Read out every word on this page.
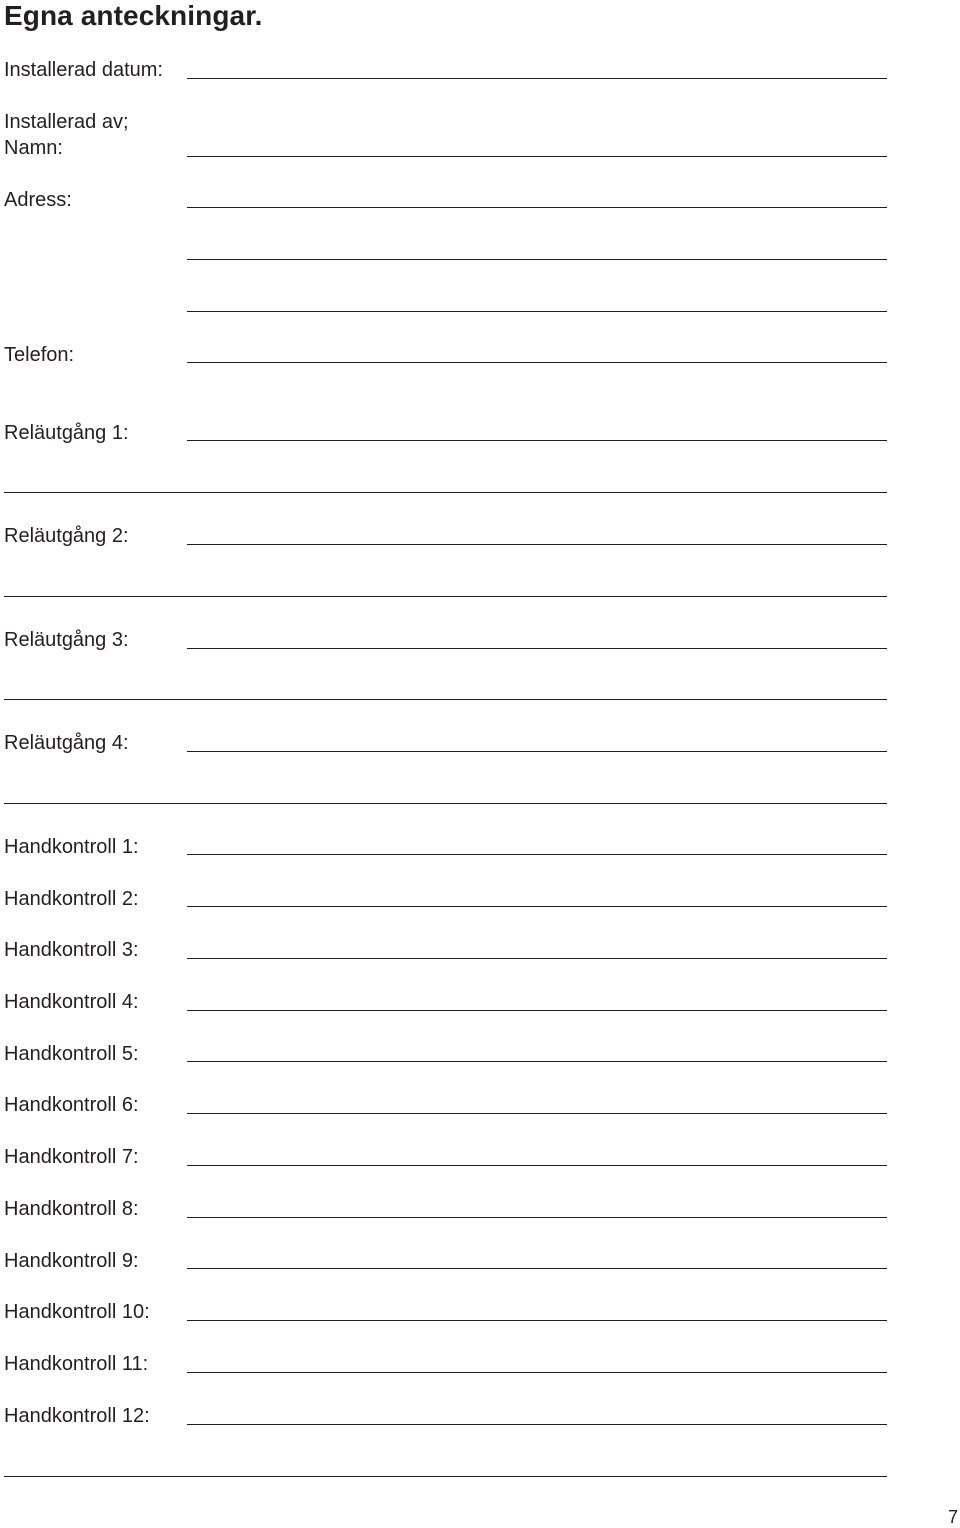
Egna anteckningar.
Installerad datum:
Installerad av;
Namn:
Adress:
Telefon:
Reläutgång 1:
Reläutgång 2:
Reläutgång 3:
Reläutgång 4:
Handkontroll 1:
Handkontroll 2:
Handkontroll 3:
Handkontroll 4:
Handkontroll 5:
Handkontroll 6:
Handkontroll 7:
Handkontroll 8:
Handkontroll 9:
Handkontroll 10:
Handkontroll 11:
Handkontroll 12:
7
